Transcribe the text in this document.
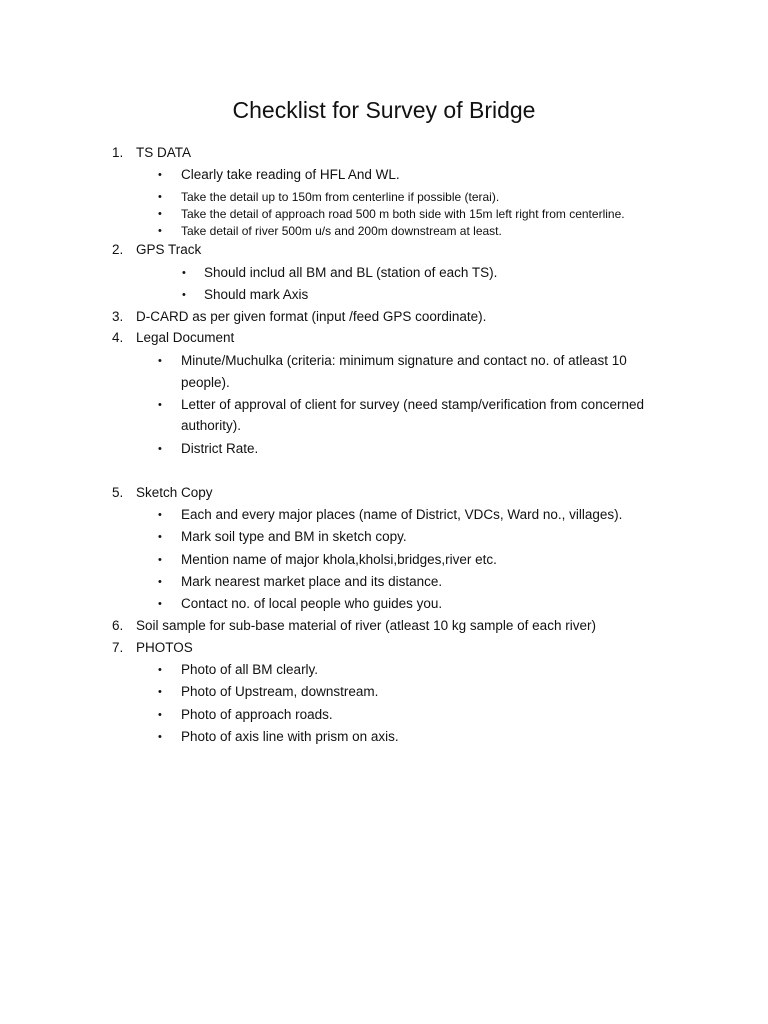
Checklist for Survey of Bridge
1. TS DATA
• Clearly take reading of HFL And WL.
• Take the detail up to 150m from centerline if possible (terai).
• Take the detail of approach road 500 m both side with 15m left right from centerline.
• Take detail of river 500m u/s and 200m downstream at least.
2. GPS Track
• Should includ all BM and BL (station of each TS).
• Should mark Axis
3. D-CARD as per given format (input /feed GPS coordinate).
4. Legal Document
• Minute/Muchulka (criteria: minimum signature and contact no. of atleast 10
people).
• Letter of approval of client for survey (need stamp/verification from concerned
authority).
• District Rate.
5. Sketch Copy
• Each and every major places (name of District, VDCs, Ward no., villages).
• Mark soil type and BM in sketch copy.
• Mention name of major khola,kholsi,bridges,river etc.
• Mark nearest market place and its distance.
• Contact no. of local people who guides you.
6. Soil sample for sub-base material of river (atleast 10 kg sample of each river)
7. PHOTOS
• Photo of all BM clearly.
• Photo of Upstream, downstream.
• Photo of approach roads.
• Photo of axis line with prism on axis.
